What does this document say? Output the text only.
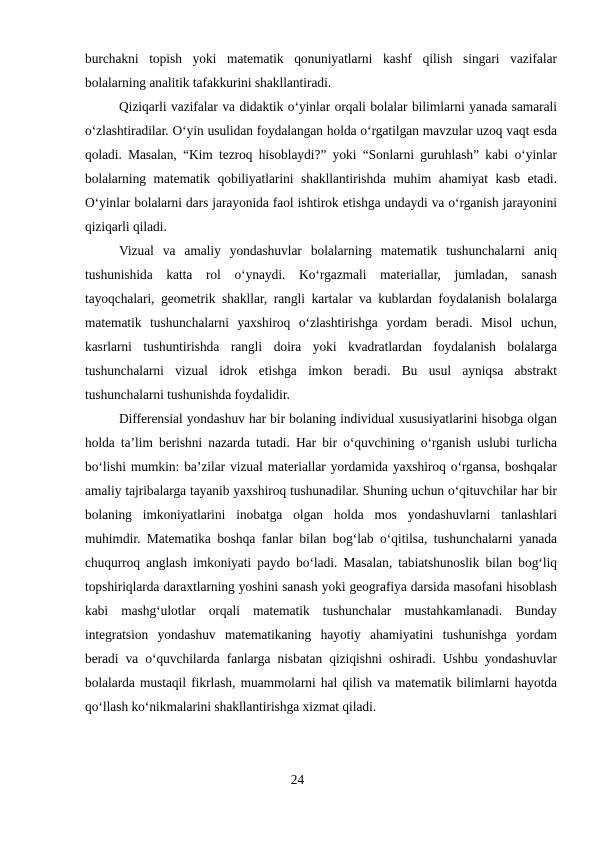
burchakni topish yoki matematik qonuniyatlarni kashf qilish singari vazifalar bolalarning analitik tafakkurini shakllantiradi.

Qiziqarli vazifalar va didaktik o‘yinlar orqali bolalar bilimlarni yanada samarali o‘zlashtiradilar. O‘yin usulidan foydalangan holda o‘rgatilgan mavzular uzoq vaqt esda qoladi. Masalan, “Kim tezroq hisoblaydi?” yoki “Sonlarni guruhlash” kabi o‘yinlar bolalarning matematik qobiliyatlarini shakllantirishda muhim ahamiyat kasb etadi. O‘yinlar bolalarni dars jarayonida faol ishtirok etishga undaydi va o‘rganish jarayonini qiziqarli qiladi.

Vizual va amaliy yondashuvlar bolalarning matematik tushunchalarni aniq tushunishida katta rol o‘ynaydi. Ko‘rgazmali materiallar, jumladan, sanash tayoqchalari, geometrik shakllar, rangli kartalar va kublardan foydalanish bolalarga matematik tushunchalarni yaxshiroq o‘zlashtirishga yordam beradi. Misol uchun, kasrlarni tushuntirishda rangli doira yoki kvadratlardan foydalanish bolalarga tushunchalarni vizual idrok etishga imkon beradi. Bu usul ayniqsa abstrakt tushunchalarni tushunishda foydalidir.

Differensial yondashuv har bir bolaning individual xususiyatlarini hisobga olgan holda ta’lim berishni nazarda tutadi. Har bir o‘quvchining o‘rganish uslubi turlicha bo‘lishi mumkin: ba’zilar vizual materiallar yordamida yaxshiroq o‘rgansa, boshqalar amaliy tajribalarga tayanib yaxshiroq tushunadilar. Shuning uchun o‘qituvchilar har bir bolaning imkoniyatlarini inobatga olgan holda mos yondashuvlarni tanlashlari muhimdir. Matematika boshqa fanlar bilan bog‘lab o‘qitilsa, tushunchalarni yanada chuqurroq anglash imkoniyati paydo bo‘ladi. Masalan, tabiatshunoslik bilan bog‘liq topshiriqlarda daraxtlarning yoshini sanash yoki geografiya darsida masofani hisoblash kabi mashg‘ulotlar orqali matematik tushunchalar mustahkamlanadi. Bunday integratsion yondashuv matematikaning hayotiy ahamiyatini tushunishga yordam beradi va o‘quvchilarda fanlarga nisbatan qiziqishni oshiradi. Ushbu yondashuvlar bolalarda mustaqil fikrlash, muammolarni hal qilish va matematik bilimlarni hayotda qo‘llash ko‘nikmalarini shakllantirishga xizmat qiladi.

24
